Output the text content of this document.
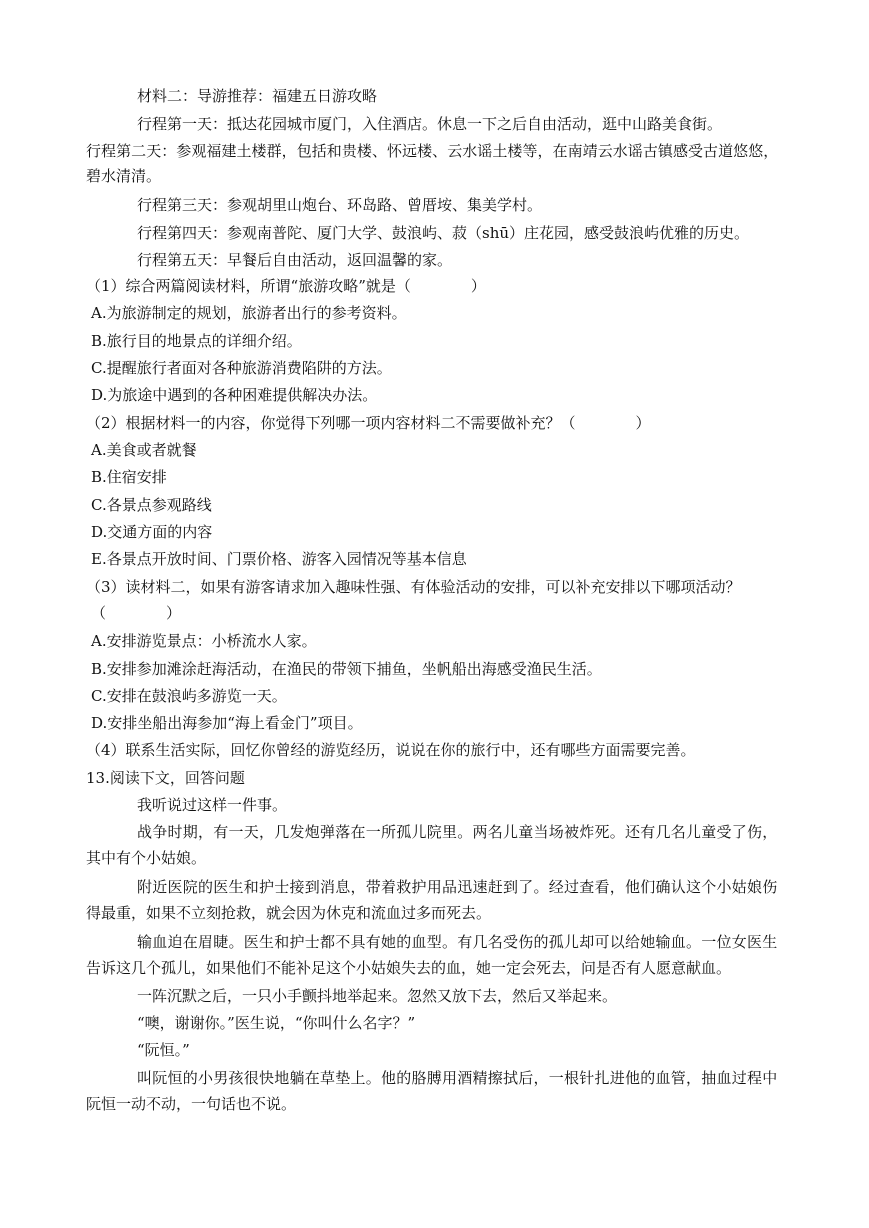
材料二：导游推荐：福建五日游攻略
行程第一天：抵达花园城市厦门，入住酒店。休息一下之后自由活动，逛中山路美食街。
行程第二天：参观福建土楼群，包括和贵楼、怀远楼、云水谣土楼等，在南靖云水谣古镇感受古道悠悠，
碧水清清。
行程第三天：参观胡里山炮台、环岛路、曾厝垵、集美学村。
行程第四天：参观南普陀、厦门大学、鼓浪屿、菽（shū）庄花园，感受鼓浪屿优雅的历史。
行程第五天：早餐后自由活动，返回温馨的家。
（1）综合两篇阅读材料，所谓“旅游攻略”就是（　　　　）
A.为旅游制定的规划，旅游者出行的参考资料。
B.旅行目的地景点的详细介绍。
C.提醒旅行者面对各种旅游消费陷阱的方法。
D.为旅途中遇到的各种困难提供解决办法。
（2）根据材料一的内容，你觉得下列哪一项内容材料二不需要做补充？（　　　　）
A.美食或者就餐
B.住宿安排
C.各景点参观路线
D.交通方面的内容
E.各景点开放时间、门票价格、游客入园情况等基本信息
（3）读材料二，如果有游客请求加入趣味性强、有体验活动的安排，可以补充安排以下哪项活动？
（　　　　）
A.安排游览景点：小桥流水人家。
B.安排参加滩涂赶海活动，在渔民的带领下捕鱼，坐帆船出海感受渔民生活。
C.安排在鼓浪屿多游览一天。
D.安排坐船出海参加“海上看金门”项目。
（4）联系生活实际，回忆你曾经的游览经历，说说在你的旅行中，还有哪些方面需要完善。
13.阅读下文，回答问题
我听说过这样一件事。
战争时期，有一天，几发炮弹落在一所孤儿院里。两名儿童当场被炸死。还有几名儿童受了伤，
其中有个小姑娘。
附近医院的医生和护士接到消息，带着救护用品迅速赶到了。经过查看，他们确认这个小姑娘伤
得最重，如果不立刻抢救，就会因为休克和流血过多而死去。
输血迫在眉睫。医生和护士都不具有她的血型。有几名受伤的孤儿却可以给她输血。一位女医生
告诉这几个孤儿，如果他们不能补足这个小姑娘失去的血，她一定会死去，问是否有人愿意献血。
一阵沉默之后，一只小手颤抖地举起来。忽然又放下去，然后又举起来。
“噢，谢谢你。”医生说，“你叫什么名字？”
“阮恒。”
叫阮恒的小男孩很快地躺在草垫上。他的胳膊用酒精擦拭后，一根针扎进他的血管，抽血过程中
阮恒一动不动，一句话也不说。
